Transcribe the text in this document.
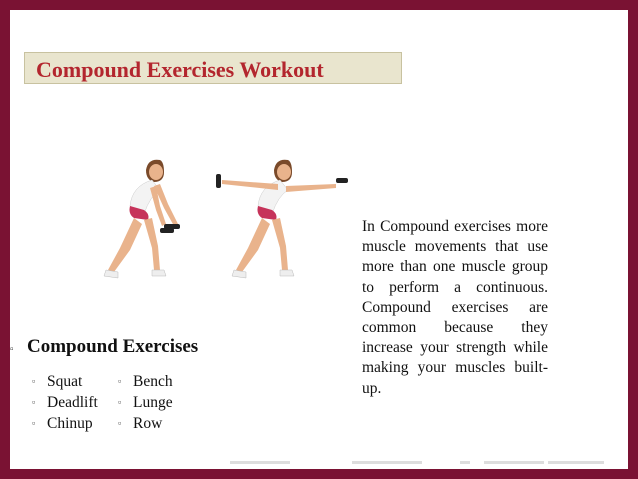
Compound Exercises Workout
In Compound exercises more muscle movements that use more than one muscle group to perform a continuous. Compound exercises are common because they increase your strength while making your muscles built-up.
▫ Compound Exercises
▫ Squat
▫ Deadlift
▫ Chinup
▫ Bench
▫ Lunge
▫ Row
